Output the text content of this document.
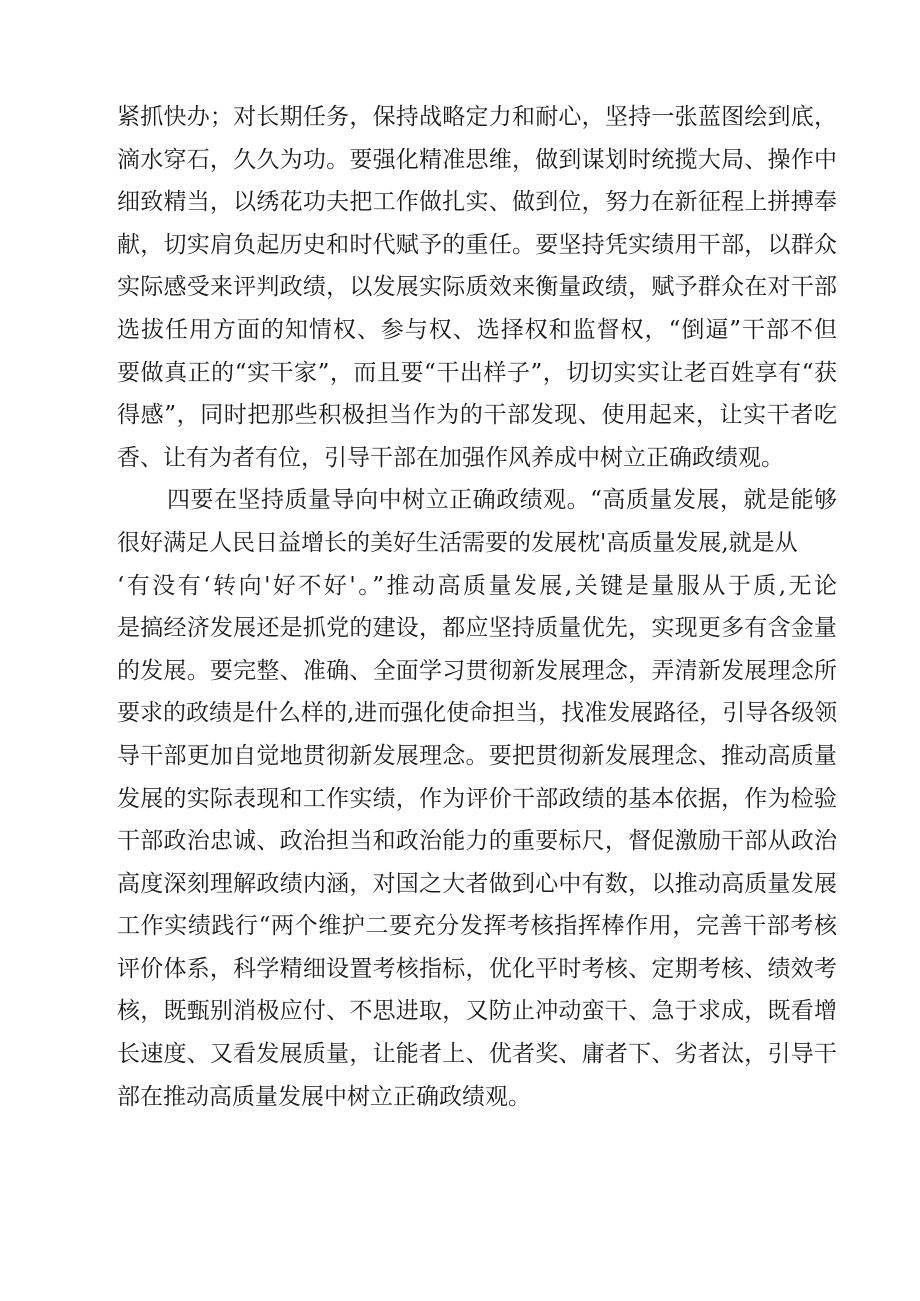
紧抓快办；对长期任务，保持战略定力和耐心，坚持一张蓝图绘到底，
滴水穿石，久久为功。要强化精准思维，做到谋划时统揽大局、操作中
细致精当，以绣花功夫把工作做扎实、做到位，努力在新征程上拼搏奉
献，切实肩负起历史和时代赋予的重任。要坚持凭实绩用干部，以群众
实际感受来评判政绩，以发展实际质效来衡量政绩，赋予群众在对干部
选拔任用方面的知情权、参与权、选择权和监督权，“倒逼”干部不但
要做真正的“实干家”，而且要“干出样子”，切切实实让老百姓享有“获
得感”，同时把那些积极担当作为的干部发现、使用起来，让实干者吃
香、让有为者有位，引导干部在加强作风养成中树立正确政绩观。
四要在坚持质量导向中树立正确政绩观。“高质量发展，就是能够
很好满足人民日益增长的美好生活需要的发展枕'高质量发展,就是从
‘有没有‘转向'好不好'。”推动高质量发展,关键是量服从于质,无论
是搞经济发展还是抓党的建设，都应坚持质量优先，实现更多有含金量
的发展。要完整、准确、全面学习贯彻新发展理念，弄清新发展理念所
要求的政绩是什么样的,进而强化使命担当，找准发展路径，引导各级领
导干部更加自觉地贯彻新发展理念。要把贯彻新发展理念、推动高质量
发展的实际表现和工作实绩，作为评价干部政绩的基本依据，作为检验
干部政治忠诚、政治担当和政治能力的重要标尺，督促激励干部从政治
高度深刻理解政绩内涵，对国之大者做到心中有数，以推动高质量发展
工作实绩践行“两个维护二要充分发挥考核指挥棒作用，完善干部考核
评价体系，科学精细设置考核指标，优化平时考核、定期考核、绩效考
核，既甄别消极应付、不思进取，又防止冲动蛮干、急于求成，既看增
长速度、又看发展质量，让能者上、优者奖、庸者下、劣者汰，引导干
部在推动高质量发展中树立正确政绩观。
